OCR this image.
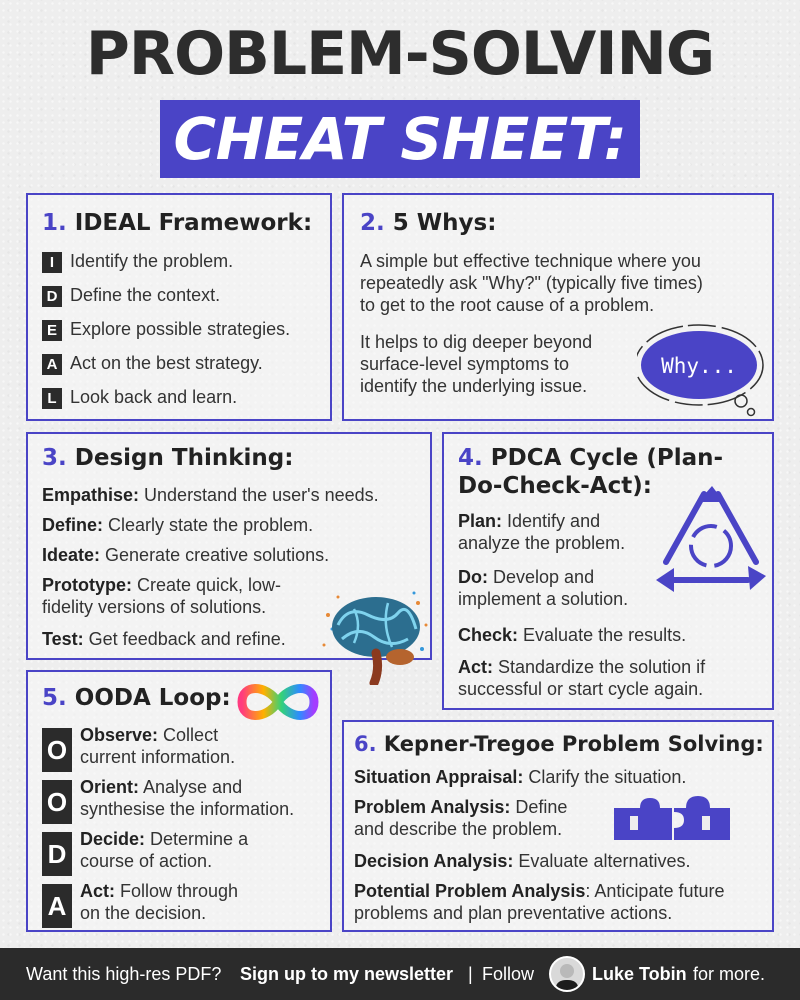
PROBLEM-SOLVING
CHEAT SHEET:
1. IDEAL Framework:
I Identify the problem.
D Define the context.
E Explore possible strategies.
A Act on the best strategy.
L Look back and learn.
2. 5 Whys:
A simple but effective technique where you
repeatedly ask "Why?" (typically five times)
to get to the root cause of a problem.
It helps to dig deeper beyond
surface-level symptoms to
identify the underlying issue.
Why...
3. Design Thinking:
Empathise: Understand the user's needs.
Define: Clearly state the problem.
Ideate: Generate creative solutions.
Prototype: Create quick, low-
fidelity versions of solutions.
Test: Get feedback and refine.
4. PDCA Cycle (Plan-
Do-Check-Act):
Plan: Identify and
analyze the problem.
Do: Develop and
implement a solution.
Check: Evaluate the results.
Act: Standardize the solution if
successful or start cycle again.
5. OODA Loop:
O Observe: Collect
current information.
O Orient: Analyse and
synthesise the information.
D Decide: Determine a
course of action.
A Act: Follow through
on the decision.
6. Kepner-Tregoe Problem Solving:
Situation Appraisal: Clarify the situation.
Problem Analysis: Define
and describe the problem.
Decision Analysis: Evaluate alternatives.
Potential Problem Analysis: Anticipate future
problems and plan preventative actions.
Want this high-res PDF? Sign up to my newsletter | Follow	Luke Tobin for more.
